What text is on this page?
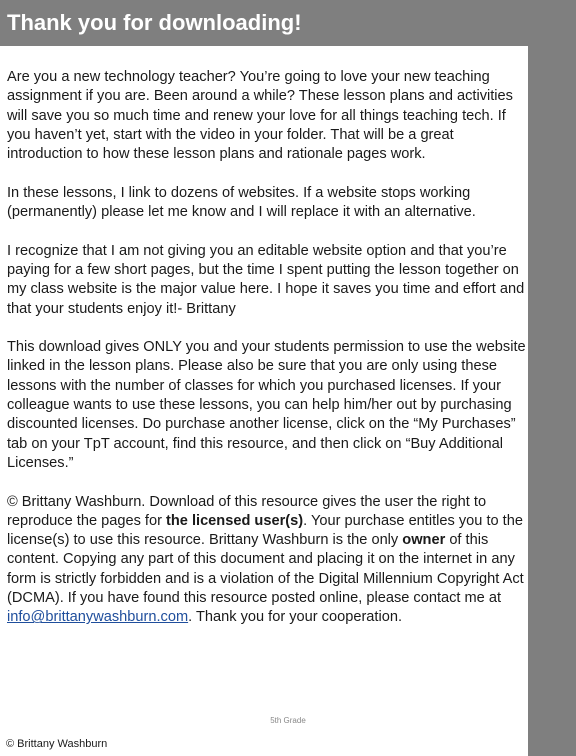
Thank you for downloading!

Are you a new technology teacher? You’re going to love your new teaching assignment if you are. Been around a while? These lesson plans and activities will save you so much time and renew your love for all things teaching tech. If you haven’t yet, start with the video in your folder. That will be a great introduction to how these lesson plans and rationale pages work.

In these lessons, I link to dozens of websites. If a website stops working (permanently) please let me know and I will replace it with an alternative.

I recognize that I am not giving you an editable website option and that you’re paying for a few short pages, but the time I spent putting the lesson together on my class website is the major value here. I hope it saves you time and effort and that your students enjoy it!- Brittany

This download gives ONLY you and your students permission to use the website linked in the lesson plans. Please also be sure that you are only using these lessons with the number of classes for which you purchased licenses. If your colleague wants to use these lessons, you can help him/her out by purchasing discounted licenses. Do purchase another license, click on the “My Purchases” tab on your TpT account, find this resource, and then click on “Buy Additional Licenses.”

© Brittany Washburn. Download of this resource gives the user the right to reproduce the pages for the licensed user(s). Your purchase entitles you to the license(s) to use this resource. Brittany Washburn is the only owner of this content. Copying any part of this document and placing it on the internet in any form is strictly forbidden and is a violation of the Digital Millennium Copyright Act (DCMA). If you have found this resource posted online, please contact me at info@brittanywashburn.com. Thank you for your cooperation.

5th Grade
© Brittany Washburn
